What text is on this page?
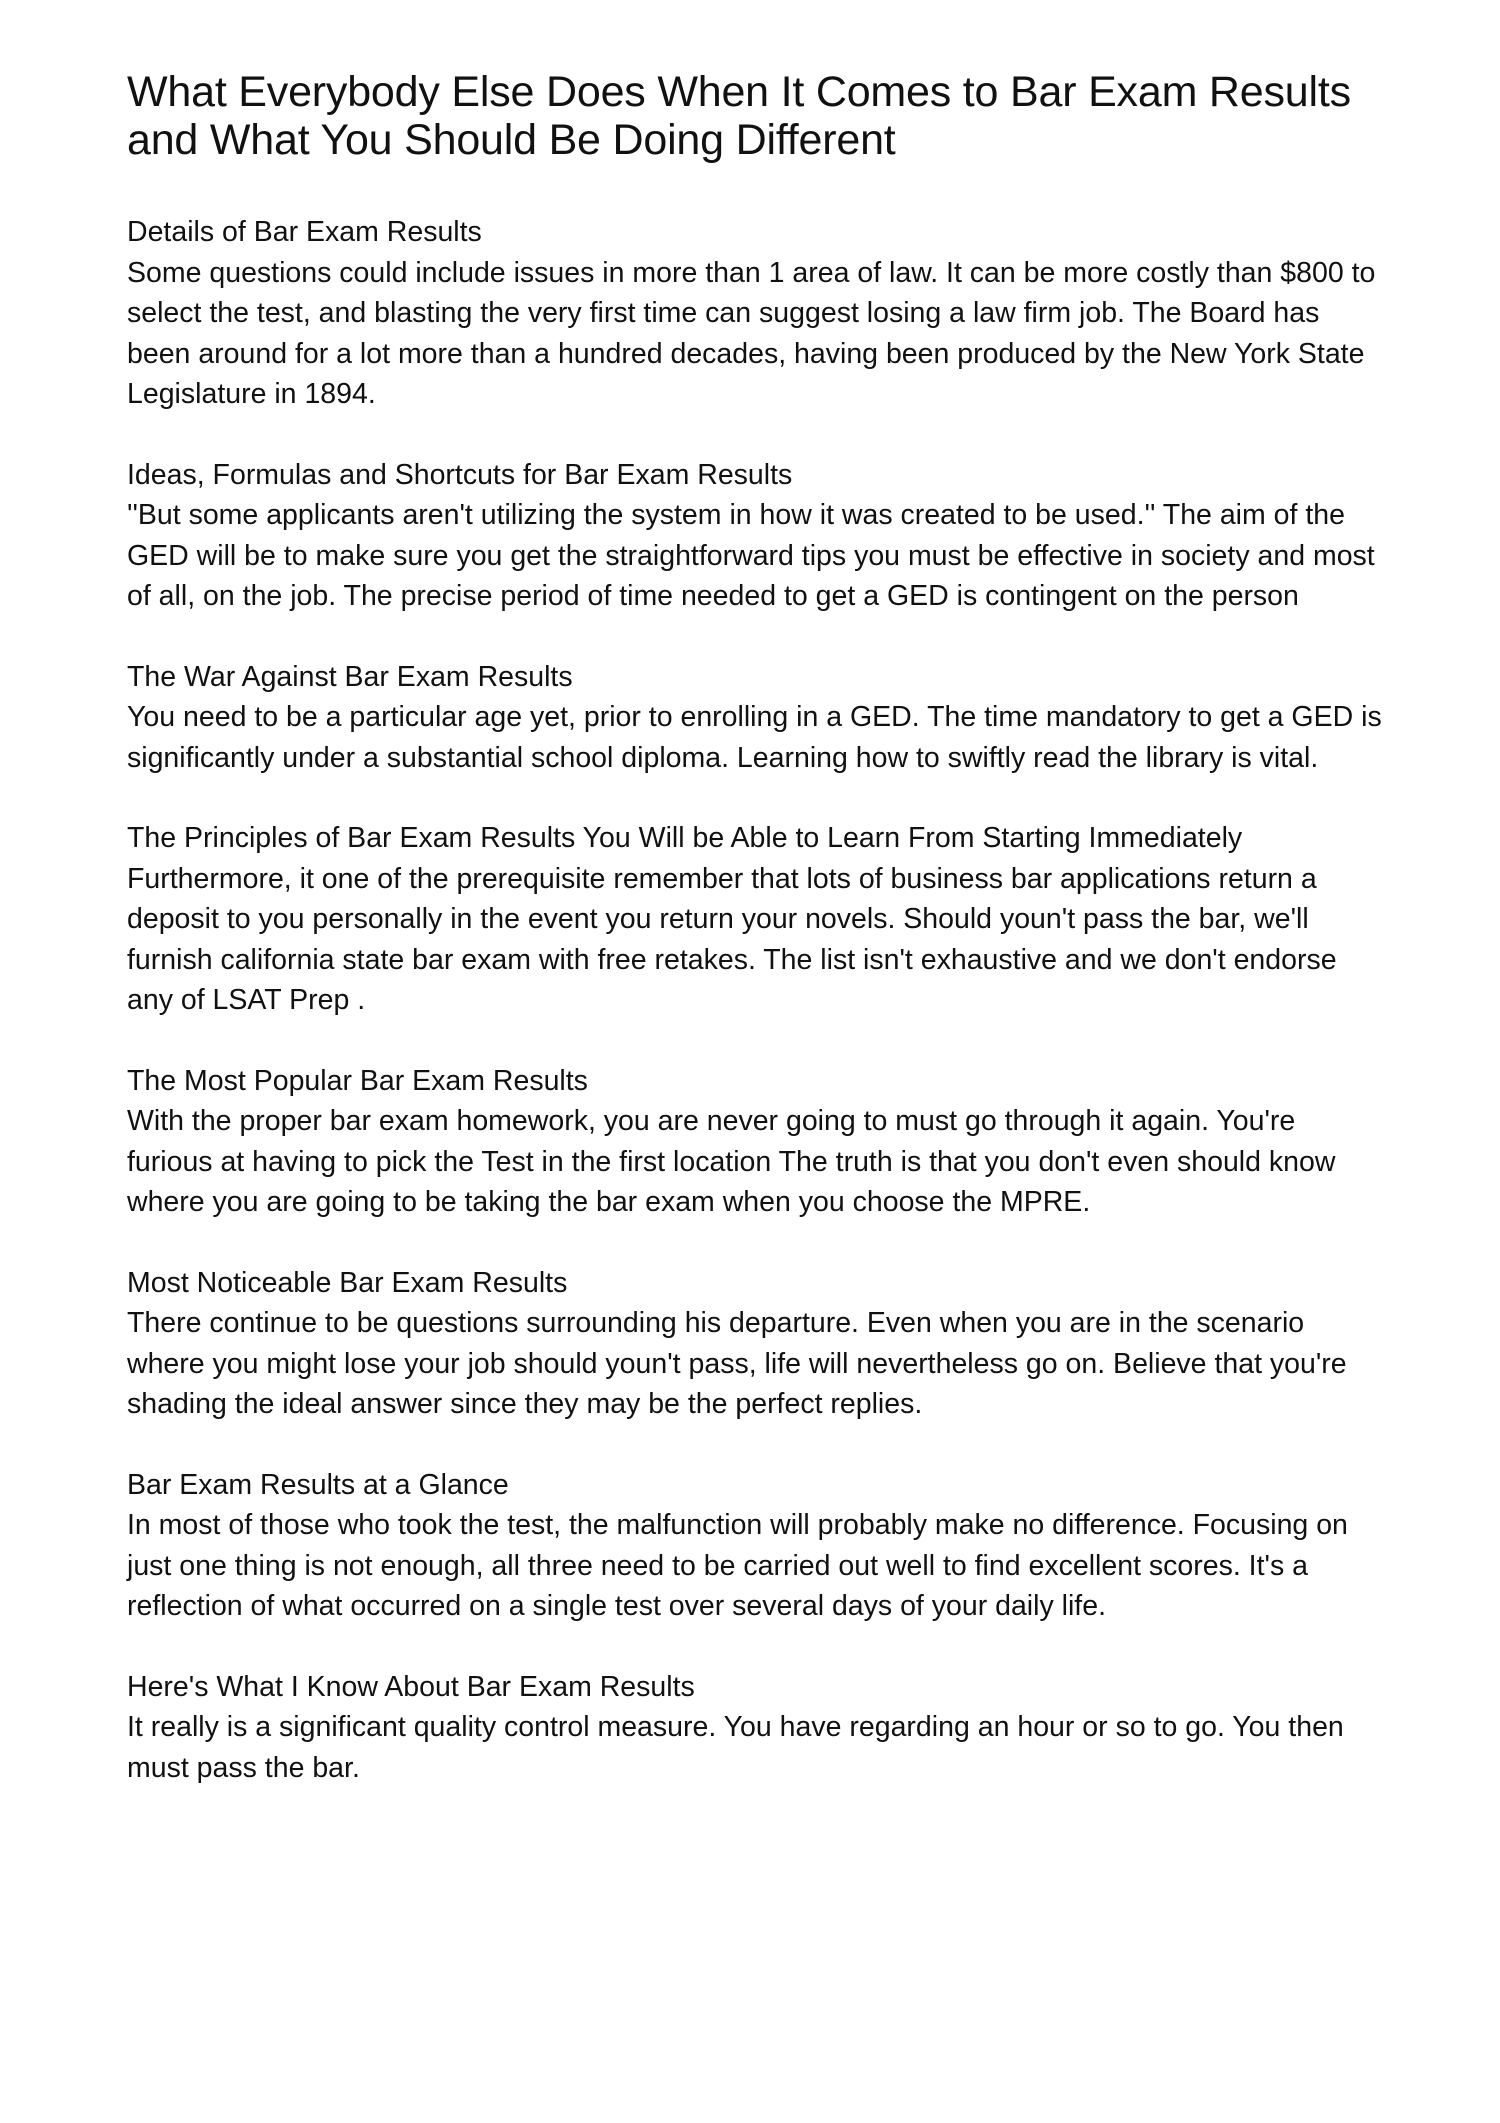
What Everybody Else Does When It Comes to Bar Exam Results and What You Should Be Doing Different
Details of Bar Exam Results

Some questions could include issues in more than 1 area of law. It can be more costly than $800 to select the test, and blasting the very first time can suggest losing a law firm job. The Board has been around for a lot more than a hundred decades, having been produced by the New York State Legislature in 1894.

Ideas, Formulas and Shortcuts for Bar Exam Results

''But some applicants aren't utilizing the system in how it was created to be used.'' The aim of the GED will be to make sure you get the straightforward tips you must be effective in society and most of all, on the job. The precise period of time needed to get a GED is contingent on the person

The War Against Bar Exam Results

You need to be a particular age yet, prior to enrolling in a GED. The time mandatory to get a GED is significantly under a substantial school diploma. Learning how to swiftly read the library is vital.

The Principles of Bar Exam Results You Will be Able to Learn From Starting Immediately

Furthermore, it one of the prerequisite remember that lots of business bar applications return a deposit to you personally in the event you return your novels. Should youn't pass the bar, we'll furnish california state bar exam with free retakes. The list isn't exhaustive and we don't endorse any of LSAT Prep .

The Most Popular Bar Exam Results

With the proper bar exam homework, you are never going to must go through it again. You're furious at having to pick the Test in the first location The truth is that you don't even should know where you are going to be taking the bar exam when you choose the MPRE.

Most Noticeable Bar Exam Results

There continue to be questions surrounding his departure. Even when you are in the scenario where you might lose your job should youn't pass, life will nevertheless go on. Believe that you're shading the ideal answer since they may be the perfect replies.

Bar Exam Results at a Glance

In most of those who took the test, the malfunction will probably make no difference. Focusing on just one thing is not enough, all three need to be carried out well to find excellent scores. It's a reflection of what occurred on a single test over several days of your daily life.

Here's What I Know About Bar Exam Results

It really is a significant quality control measure. You have regarding an hour or so to go. You then must pass the bar.
